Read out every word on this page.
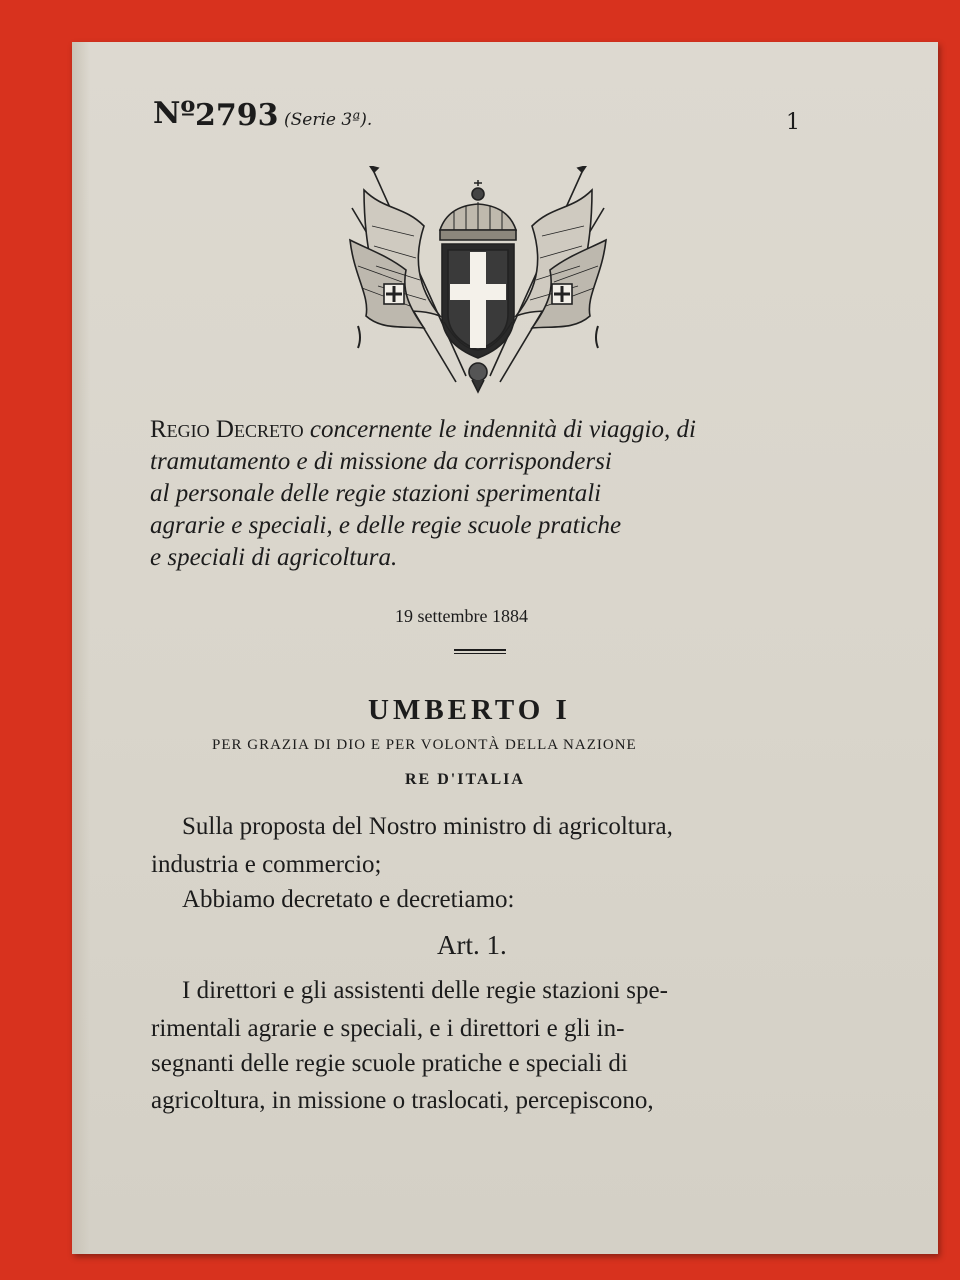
Nº 2793 (Serie 3ª).	1
Regio Decreto concernente le indennità di viaggio, di
tramutamento e di missione da corrispondersi
al personale delle regie stazioni sperimentali
agrarie e speciali, e delle regie scuole pratiche
e speciali di agricoltura.
19 settembre 1884
UMBERTO I
PER GRAZIA DI DIO E PER VOLONTÀ DELLA NAZIONE
RE D'ITALIA
Sulla proposta del Nostro ministro di agricoltura,
industria e commercio;
Abbiamo decretato e decretiamo:
Art. 1.
I direttori e gli assistenti delle regie stazioni spe-
rimentali agrarie e speciali, e i direttori e gli in-
segnanti delle regie scuole pratiche e speciali di
agricoltura, in missione o traslocati, percepiscono,
